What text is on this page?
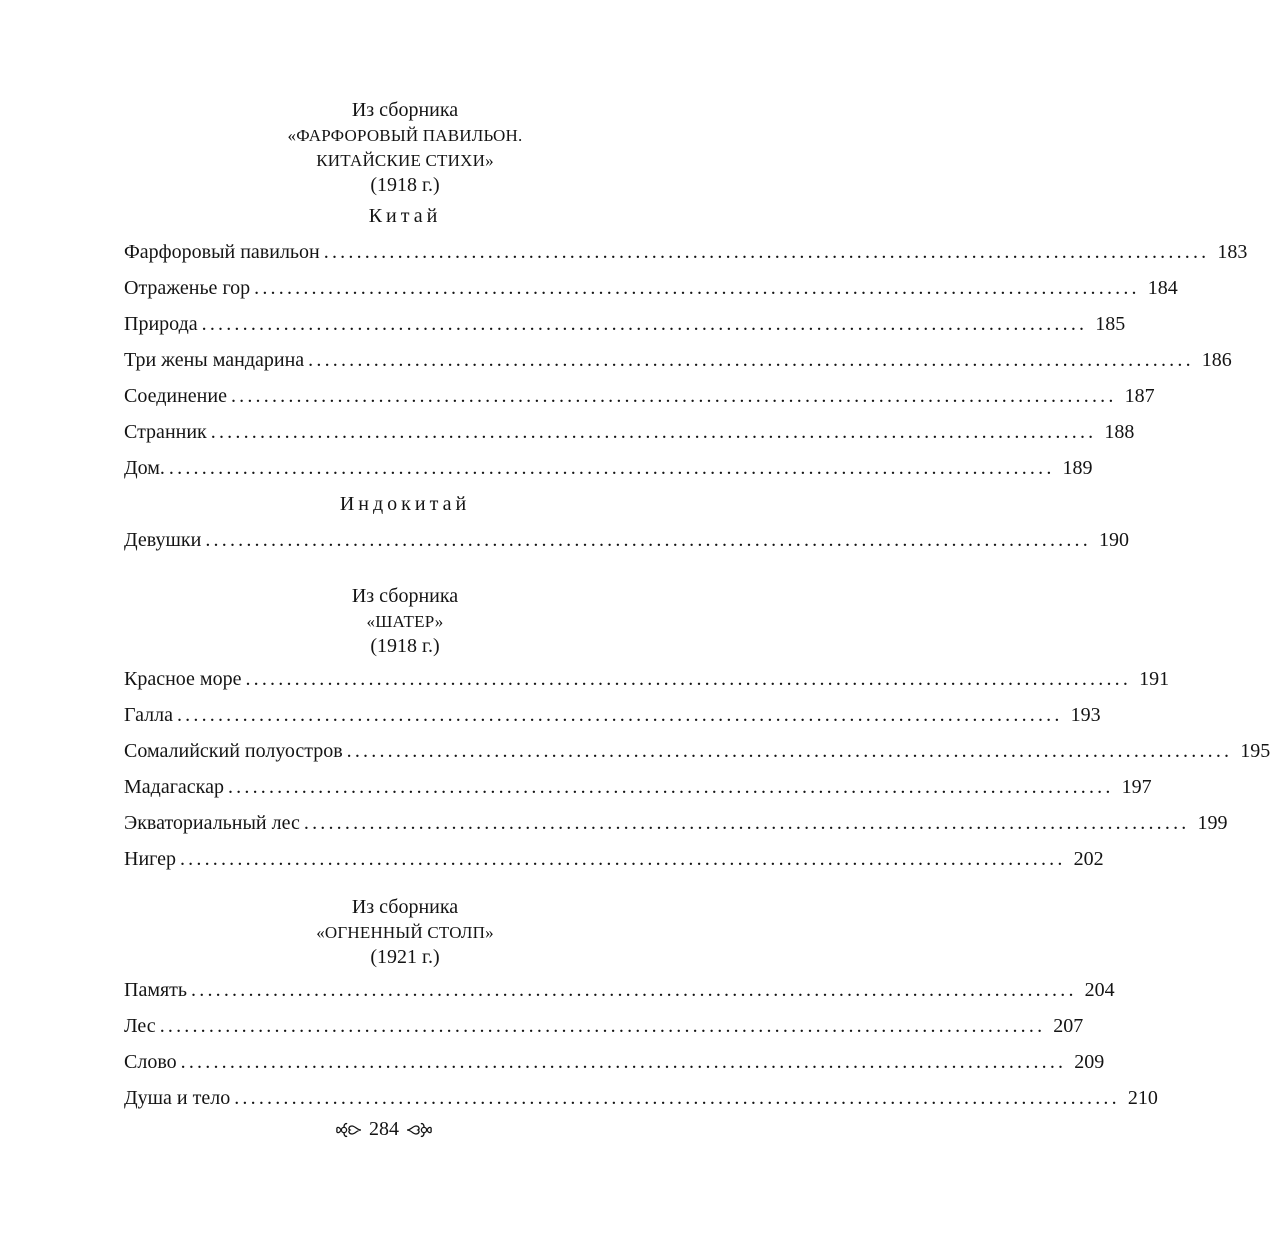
Из сборника
«ФАРФОРОВЫЙ ПАВИЛЬОН.
КИТАЙСКИЕ СТИХИ»
(1918 г.)
Китай
Фарфоровый павильон ............................................................................................................ 183
Отраженье гор ............................................................................................................ 184
Природа ............................................................................................................ 185
Три жены мандарина ............................................................................................................ 186
Соединение ............................................................................................................ 187
Странник ............................................................................................................ 188
Дом. ............................................................................................................ 189
Индокитай
Девушки ............................................................................................................ 190
Из сборника
«ШАТЕР»
(1918 г.)
Красное море ............................................................................................................ 191
Галла ............................................................................................................ 193
Сомалийский полуостров ............................................................................................................ 195
Мадагаскар ............................................................................................................ 197
Экваториальный лес ............................................................................................................ 199
Нигер ............................................................................................................ 202
Из сборника
«ОГНЕННЫЙ СТОЛП»
(1921 г.)
Память ............................................................................................................ 204
Лес ............................................................................................................ 207
Слово ............................................................................................................ 209
Душа и тело ............................................................................................................ 210
284
